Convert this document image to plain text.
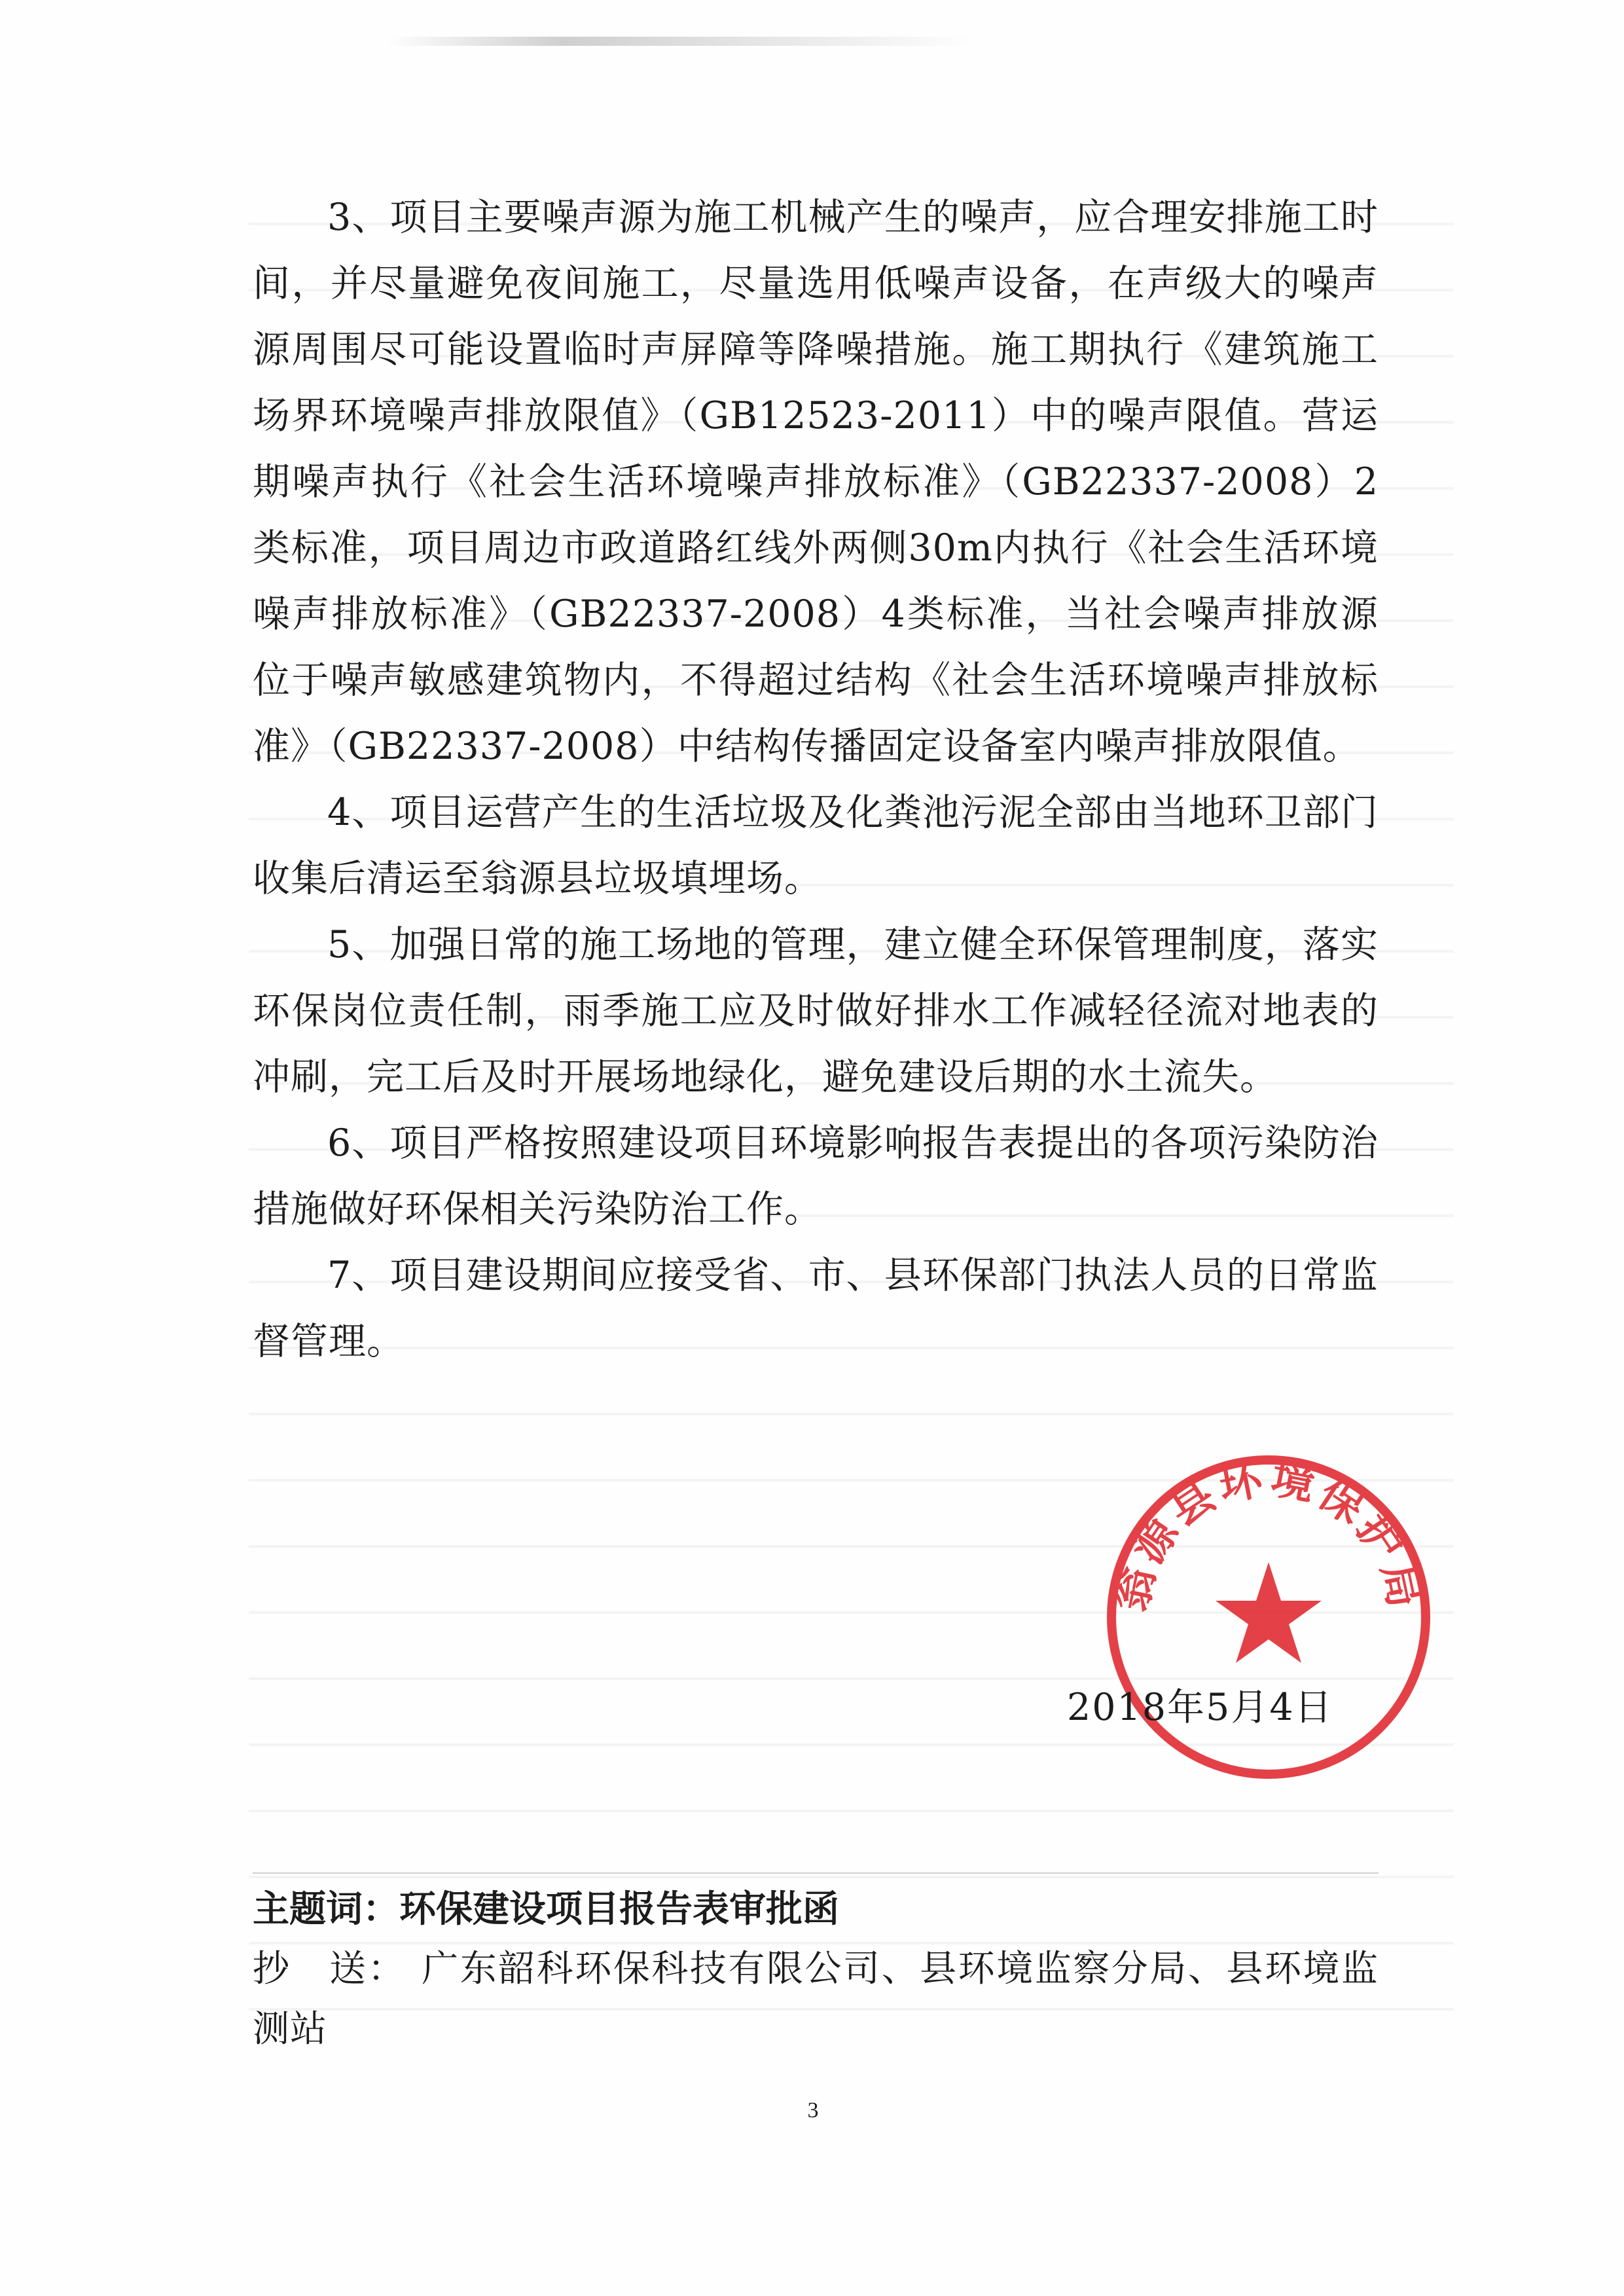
3、项目主要噪声源为施工机械产生的噪声，应合理安排施工时间，并尽量避免夜间施工，尽量选用低噪声设备，在声级大的噪声源周围尽可能设置临时声屏障等降噪措施。施工期执行《建筑施工场界环境噪声排放限值》（GB12523-2011）中的噪声限值。营运期噪声执行《社会生活环境噪声排放标准》（GB22337-2008）2类标准，项目周边市政道路红线外两侧30m内执行《社会生活环境噪声排放标准》（GB22337-2008）4类标准，当社会噪声排放源位于噪声敏感建筑物内，不得超过结构《社会生活环境噪声排放标准》（GB22337-2008）中结构传播固定设备室内噪声排放限值。

4、项目运营产生的生活垃圾及化粪池污泥全部由当地环卫部门收集后清运至翁源县垃圾填埋场。

5、加强日常的施工场地的管理，建立健全环保管理制度，落实环保岗位责任制，雨季施工应及时做好排水工作减轻径流对地表的冲刷，完工后及时开展场地绿化，避免建设后期的水土流失。

6、项目严格按照建设项目环境影响报告表提出的各项污染防治措施做好环保相关污染防治工作。

7、项目建设期间应接受省、市、县环保部门执法人员的日常监督管理。

翁源县环境保护局
2018年5月4日
主题词：环保建设项目报告表审批函
抄　送： 广东韶科环保科技有限公司、县环境监察分局、县环境监测站
3
